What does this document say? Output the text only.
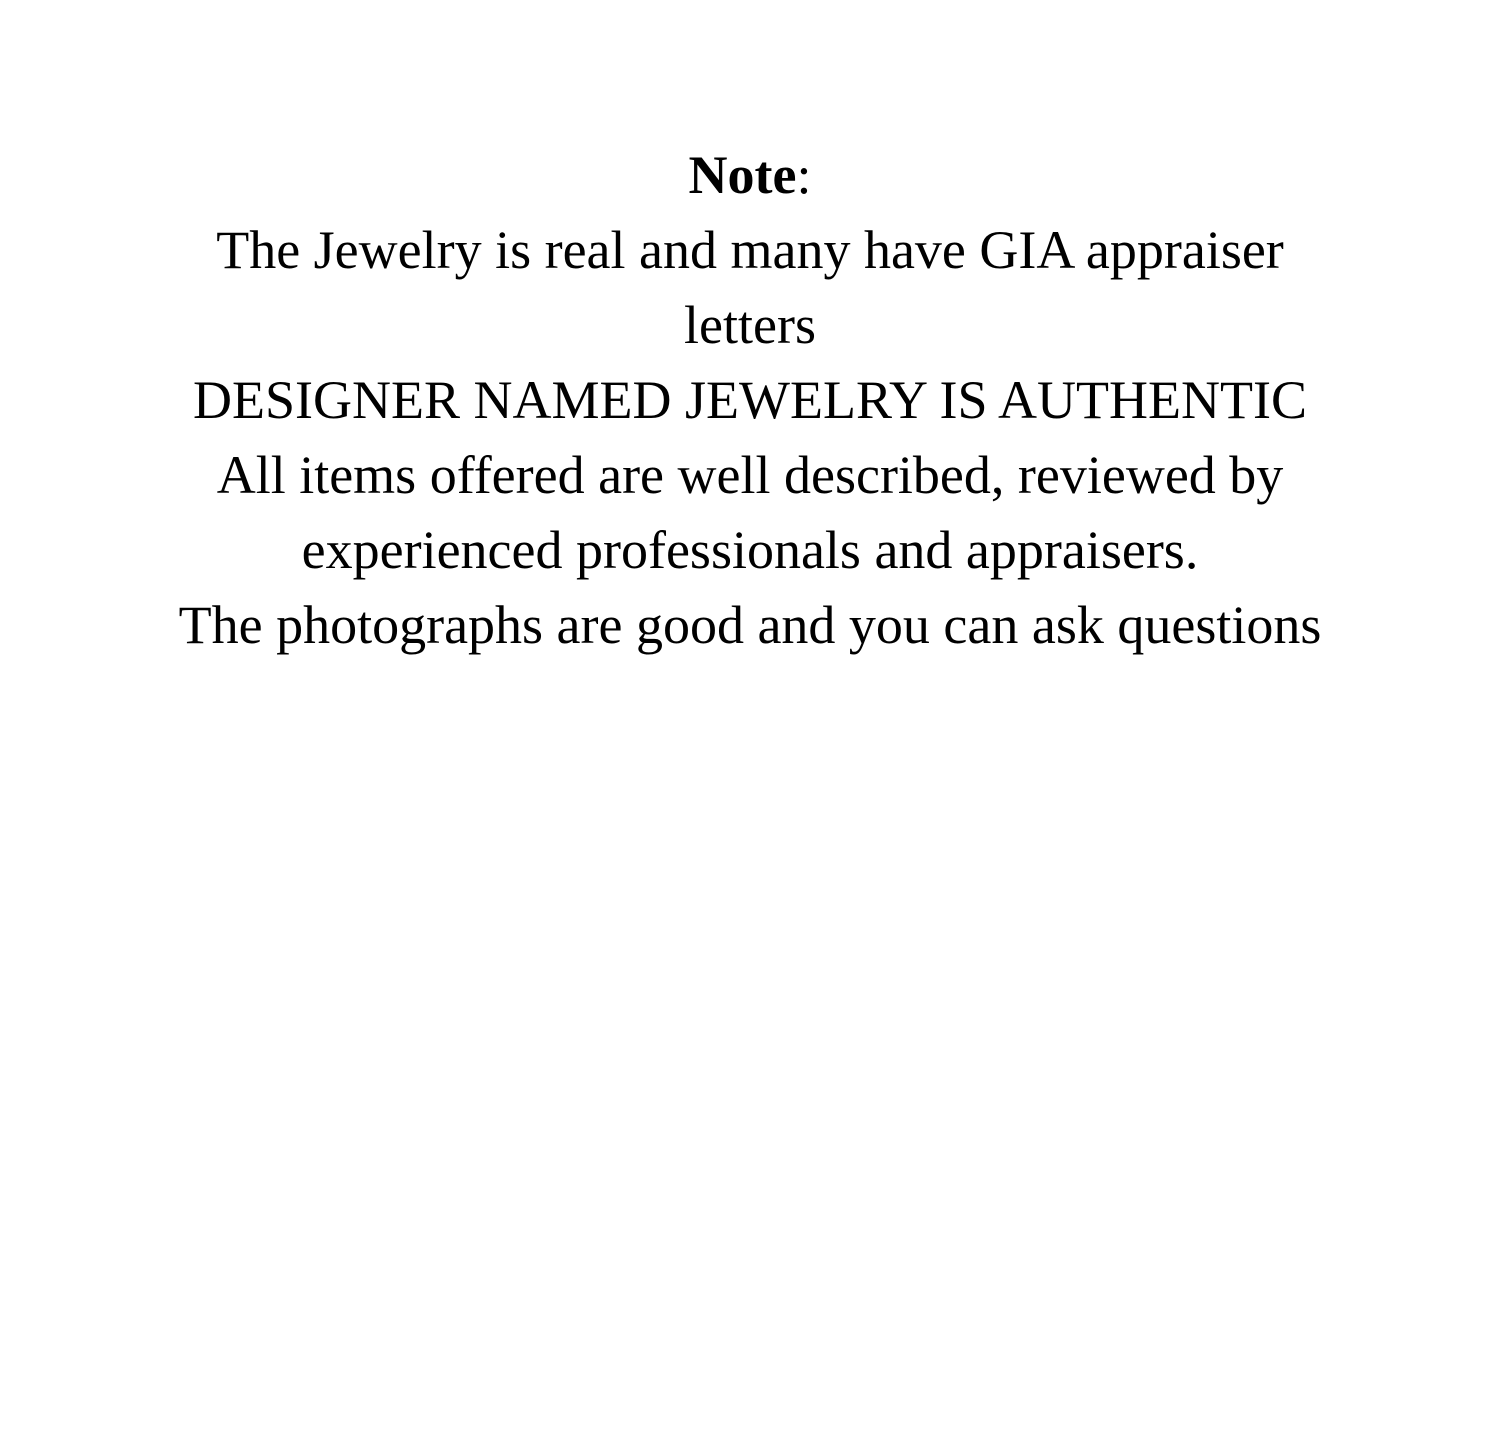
Note:

The Jewelry is real and many have GIA appraiser letters

DESIGNER NAMED JEWELRY IS AUTHENTIC

All items offered are well described, reviewed by experienced professionals and appraisers.

The photographs are good and you can ask questions
